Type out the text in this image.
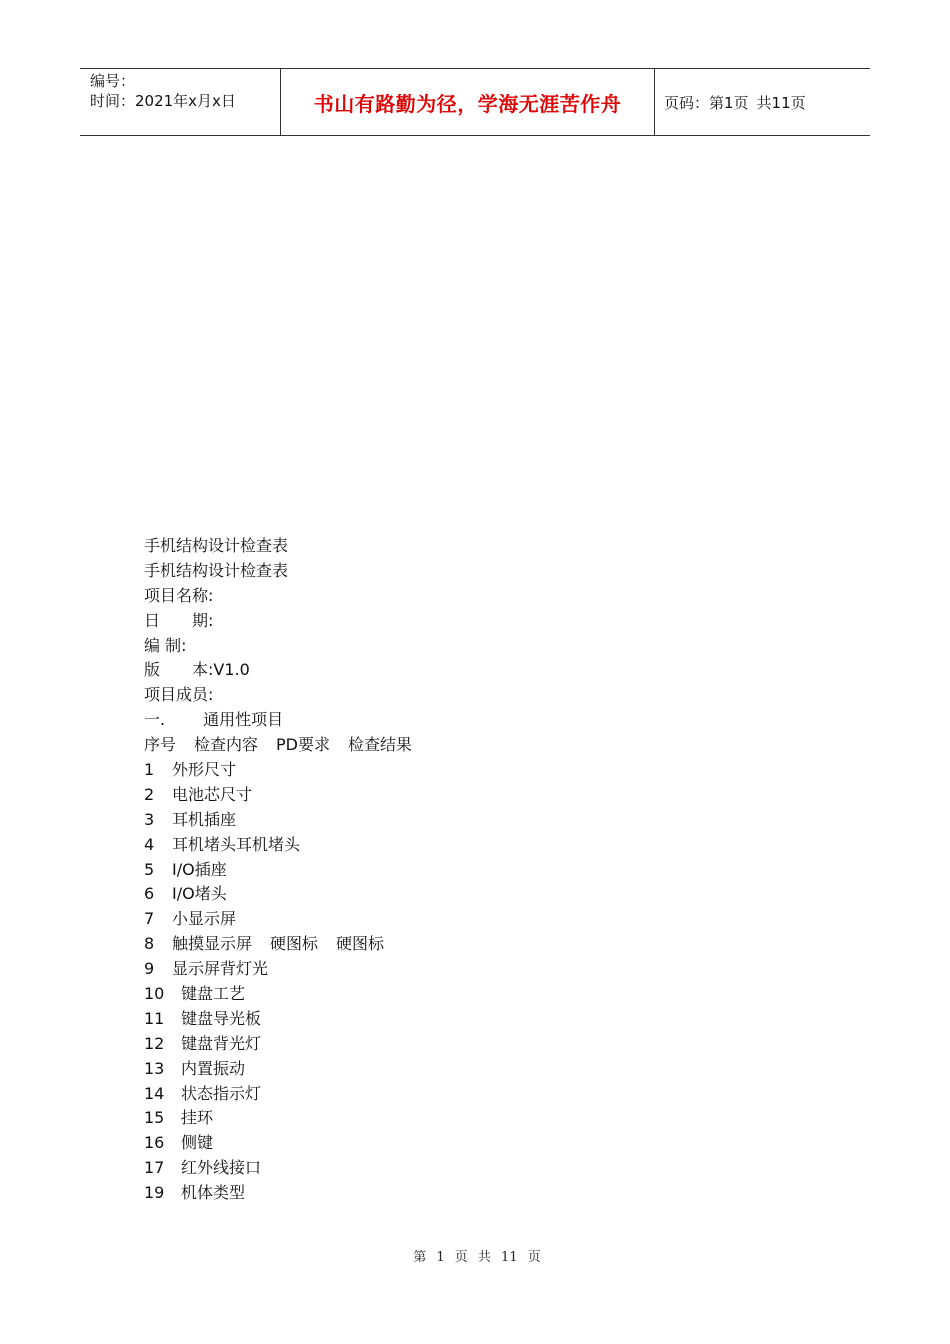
编号：
时间：2021年x月x日	书山有路勤为径，学海无涯苦作舟	页码：第1页 共11页
手机结构设计检查表
手机结构设计检查表
项目名称:
日　　期:
编 制:
版　　本:V1.0
项目成员:
一. 通用性项目
序号 检查内容 PD要求 检查结果
1 外形尺寸
2 电池芯尺寸
3 耳机插座
4 耳机堵头耳机堵头
5 I/O插座
6 I/O堵头
7 小显示屏
8 触摸显示屏 硬图标 硬图标
9 显示屏背灯光
10 键盘工艺
11 键盘导光板
12 键盘背光灯
13 内置振动
14 状态指示灯
15 挂环
16 侧键
17 红外线接口
19 机体类型
第 1 页 共 11 页
